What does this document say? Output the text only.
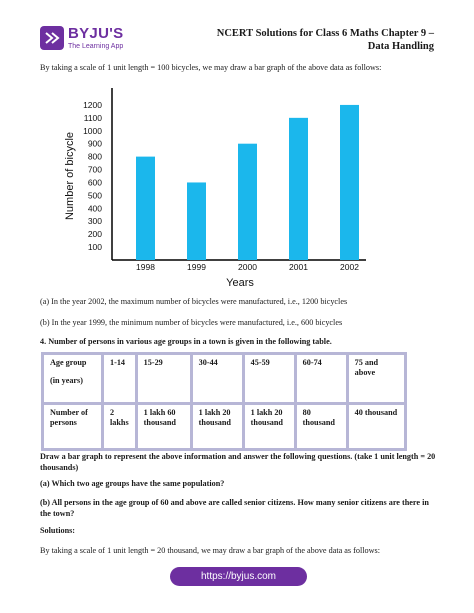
BYJU'S
The Learning App
NCERT Solutions for Class 6 Maths Chapter 9 –
Data Handling
By taking a scale of 1 unit length = 100 bicycles, we may draw a bar graph of the above data as follows:
100
200
300
400
500
600
700
800
900
1000
1100
1200
1998	1999	2000	2001	2002
Years
Number of bicycle
(a) In the year 2002, the maximum number of bicycles were manufactured, i.e., 1200 bicycles
(b) In the year 1999, the minimum number of bicycles were manufactured, i.e., 600 bicycles
4. Number of persons in various age groups in a town is given in the following table.
Age group
(in years)	1-14	15-29	30-44	45-59	60-74	75 and above
Number of persons	2 lakhs	1 lakh 60 thousand	1 lakh 20 thousand	1 lakh 20 thousand	80 thousand	40 thousand
Draw a bar graph to represent the above information and answer the following questions. (take 1 unit length = 20 thousands)
(a) Which two age groups have the same population?
(b) All persons in the age group of 60 and above are called senior citizens. How many senior citizens are there in the town?
Solutions:
By taking a scale of 1 unit length = 20 thousand, we may draw a bar graph of the above data as follows:
https://byjus.com
